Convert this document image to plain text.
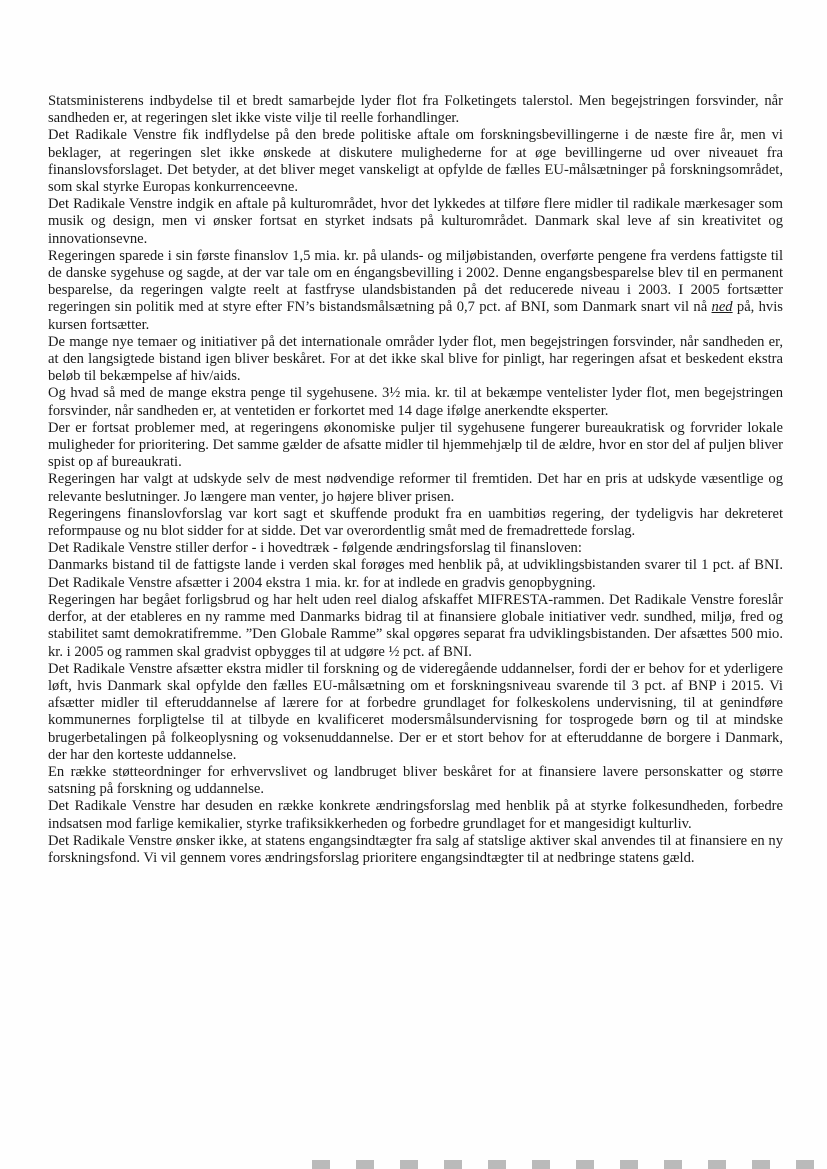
Statsministerens indbydelse til et bredt samarbejde lyder flot fra Folketingets talerstol. Men begejstringen forsvinder, når sandheden er, at regeringen slet ikke viste vilje til reelle forhandlinger.

Det Radikale Venstre fik indflydelse på den brede politiske aftale om forskningsbevillingerne i de næste fire år, men vi beklager, at regeringen slet ikke ønskede at diskutere mulighederne for at øge bevillingerne ud over niveauet fra finanslovsforslaget. Det betyder, at det bliver meget vanskeligt at opfylde de fælles EU-målsætninger på forskningsområdet, som skal styrke Europas konkurrenceevne.

Det Radikale Venstre indgik en aftale på kulturområdet, hvor det lykkedes at tilføre flere midler til radikale mærkesager som musik og design, men vi ønsker fortsat en styrket indsats på kulturområdet. Danmark skal leve af sin kreativitet og innovationsevne.

Regeringen sparede i sin første finanslov 1,5 mia. kr. på ulands- og miljøbistanden, overførte pengene fra verdens fattigste til de danske sygehuse og sagde, at der var tale om en éngangsbevilling i 2002. Denne engangsbesparelse blev til en permanent besparelse, da regeringen valgte reelt at fastfryse ulandsbistanden på det reducerede niveau i 2003. I 2005 fortsætter regeringen sin politik med at styre efter FN’s bistandsmålsætning på 0,7 pct. af BNI, som Danmark snart vil nå ned på, hvis kursen fortsætter.

De mange nye temaer og initiativer på det internationale områder lyder flot, men begejstringen forsvinder, når sandheden er, at den langsigtede bistand igen bliver beskåret. For at det ikke skal blive for pinligt, har regeringen afsat et beskedent ekstra beløb til bekæmpelse af hiv/aids.

Og hvad så med de mange ekstra penge til sygehusene. 3½ mia. kr. til at bekæmpe ventelister lyder flot, men begejstringen forsvinder, når sandheden er, at ventetiden er forkortet med 14 dage ifølge anerkendte eksperter.

Der er fortsat problemer med, at regeringens økonomiske puljer til sygehusene fungerer bureaukratisk og forvrider lokale muligheder for prioritering. Det samme gælder de afsatte midler til hjemmehjælp til de ældre, hvor en stor del af puljen bliver spist op af bureaukrati.

Regeringen har valgt at udskyde selv de mest nødvendige reformer til fremtiden. Det har en pris at udskyde væsentlige og relevante beslutninger. Jo længere man venter, jo højere bliver prisen.

Regeringens finanslovforslag var kort sagt et skuffende produkt fra en uambitiøs regering, der tydeligvis har dekreteret reformpause og nu blot sidder for at sidde. Det var overordentlig småt med de fremadrettede forslag.

Det Radikale Venstre stiller derfor - i hovedtræk - følgende ændringsforslag til finansloven:

Danmarks bistand til de fattigste lande i verden skal forøges med henblik på, at udviklingsbistanden svarer til 1 pct. af BNI. Det Radikale Venstre afsætter i 2004 ekstra 1 mia. kr. for at indlede en gradvis genopbygning.

Regeringen har begået forligsbrud og har helt uden reel dialog afskaffet MIFRESTA-rammen. Det Radikale Venstre foreslår derfor, at der etableres en ny ramme med Danmarks bidrag til at finansiere globale initiativer vedr. sundhed, miljø, fred og stabilitet samt demokratifremme. ”Den Globale Ramme” skal opgøres separat fra udviklingsbistanden. Der afsættes 500 mio. kr. i 2005 og rammen skal gradvist opbygges til at udgøre ½ pct. af BNI.

Det Radikale Venstre afsætter ekstra midler til forskning og de videregående uddannelser, fordi der er behov for et yderligere løft, hvis Danmark skal opfylde den fælles EU-målsætning om et forskningsniveau svarende til 3 pct. af BNP i 2015. Vi afsætter midler til efteruddannelse af lærere for at forbedre grundlaget for folkeskolens undervisning, til at genindføre kommunernes forpligtelse til at tilbyde en kvalificeret modersmålsundervisning for tosprogede børn og til at mindske brugerbetalingen på folkeoplysning og voksenuddannelse. Der er et stort behov for at efteruddanne de borgere i Danmark, der har den korteste uddannelse.

En række støtteordninger for erhvervslivet og landbruget bliver beskåret for at finansiere lavere personskatter og større satsning på forskning og uddannelse.

Det Radikale Venstre har desuden en række konkrete ændringsforslag med henblik på at styrke folkesundheden, forbedre indsatsen mod farlige kemikalier, styrke trafiksikkerheden og forbedre grundlaget for et mangesidigt kulturliv.

Det Radikale Venstre ønsker ikke, at statens engangsindtægter fra salg af statslige aktiver skal anvendes til at finansiere en ny forskningsfond. Vi vil gennem vores ændringsforslag prioritere engangsindtægter til at nedbringe statens gæld.
